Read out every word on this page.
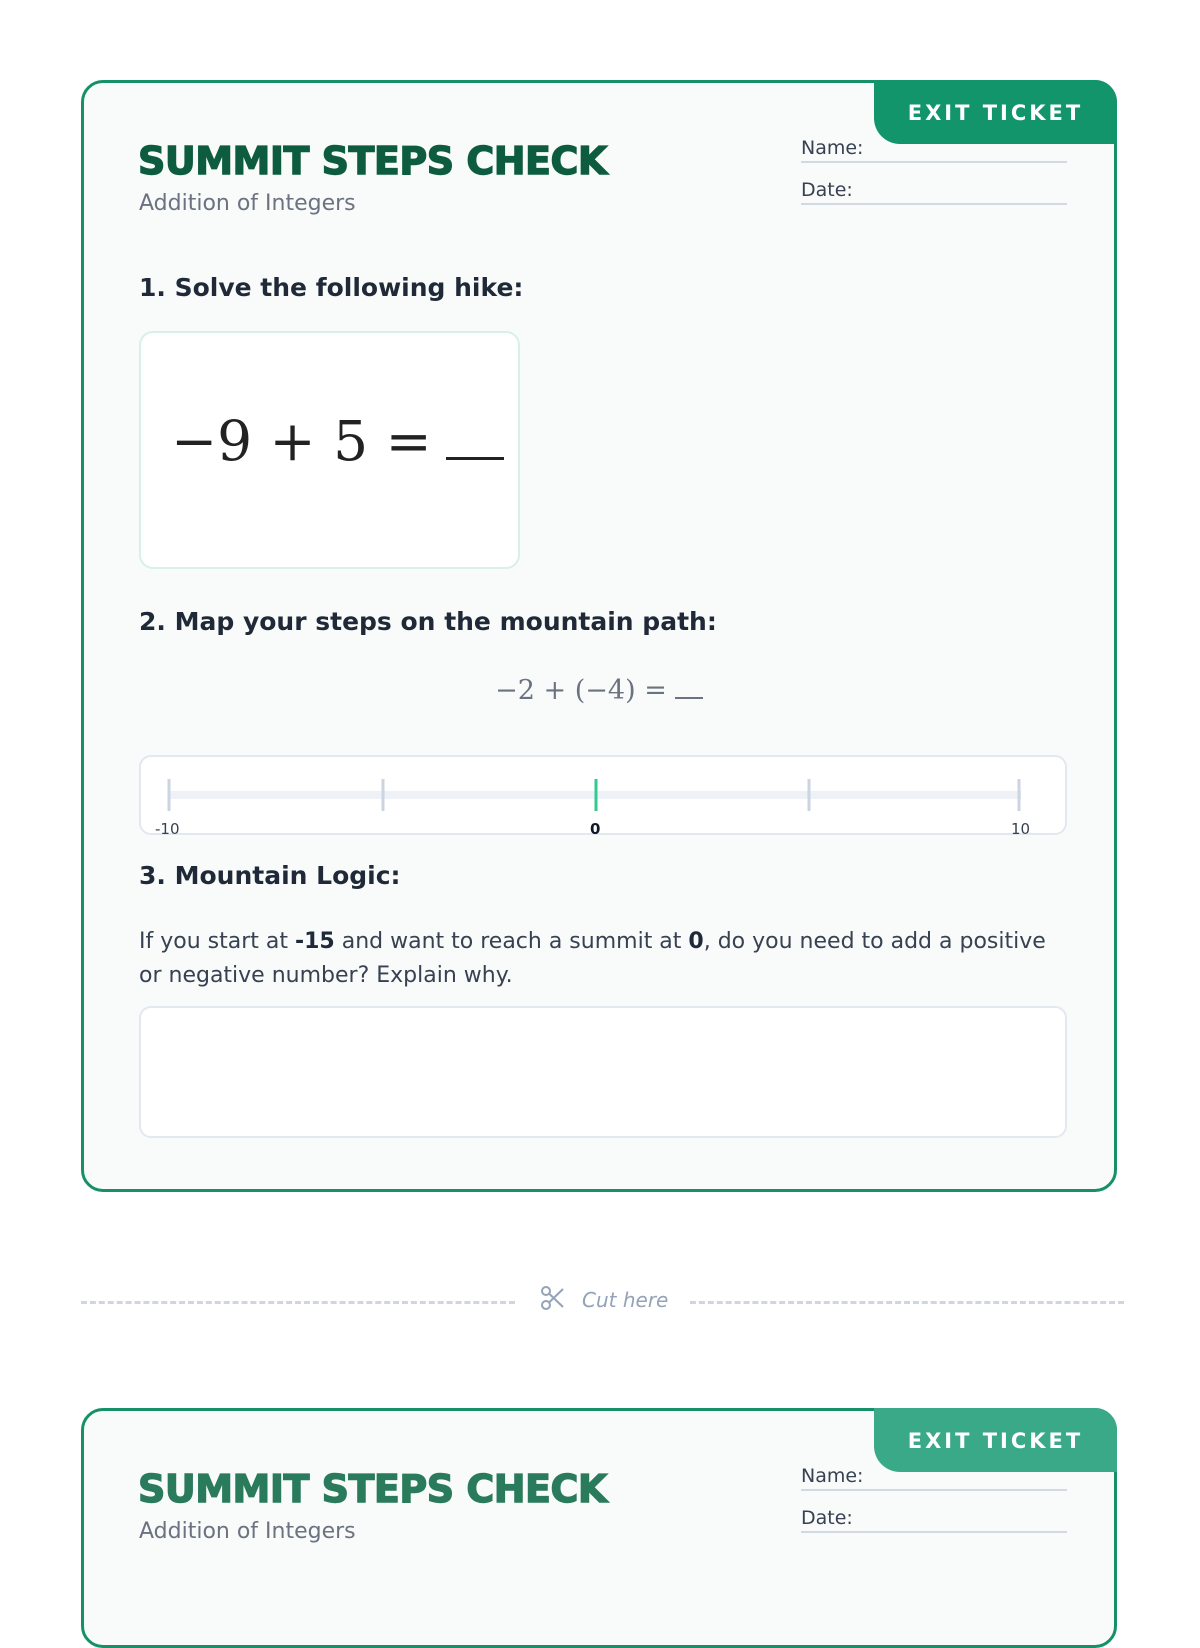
EXIT TICKET
SUMMIT STEPS CHECK
Addition of Integers
Name:
Date:
1. Solve the following hike:
−9 + 5 =
2. Map your steps on the mountain path:
−2 + (−4) =
-10	0	10
3. Mountain Logic:
If you start at -15 and want to reach a summit at 0, do you need to add a positive or negative number? Explain why.
Cut here
EXIT TICKET
SUMMIT STEPS CHECK
Addition of Integers
Name:
Date:
